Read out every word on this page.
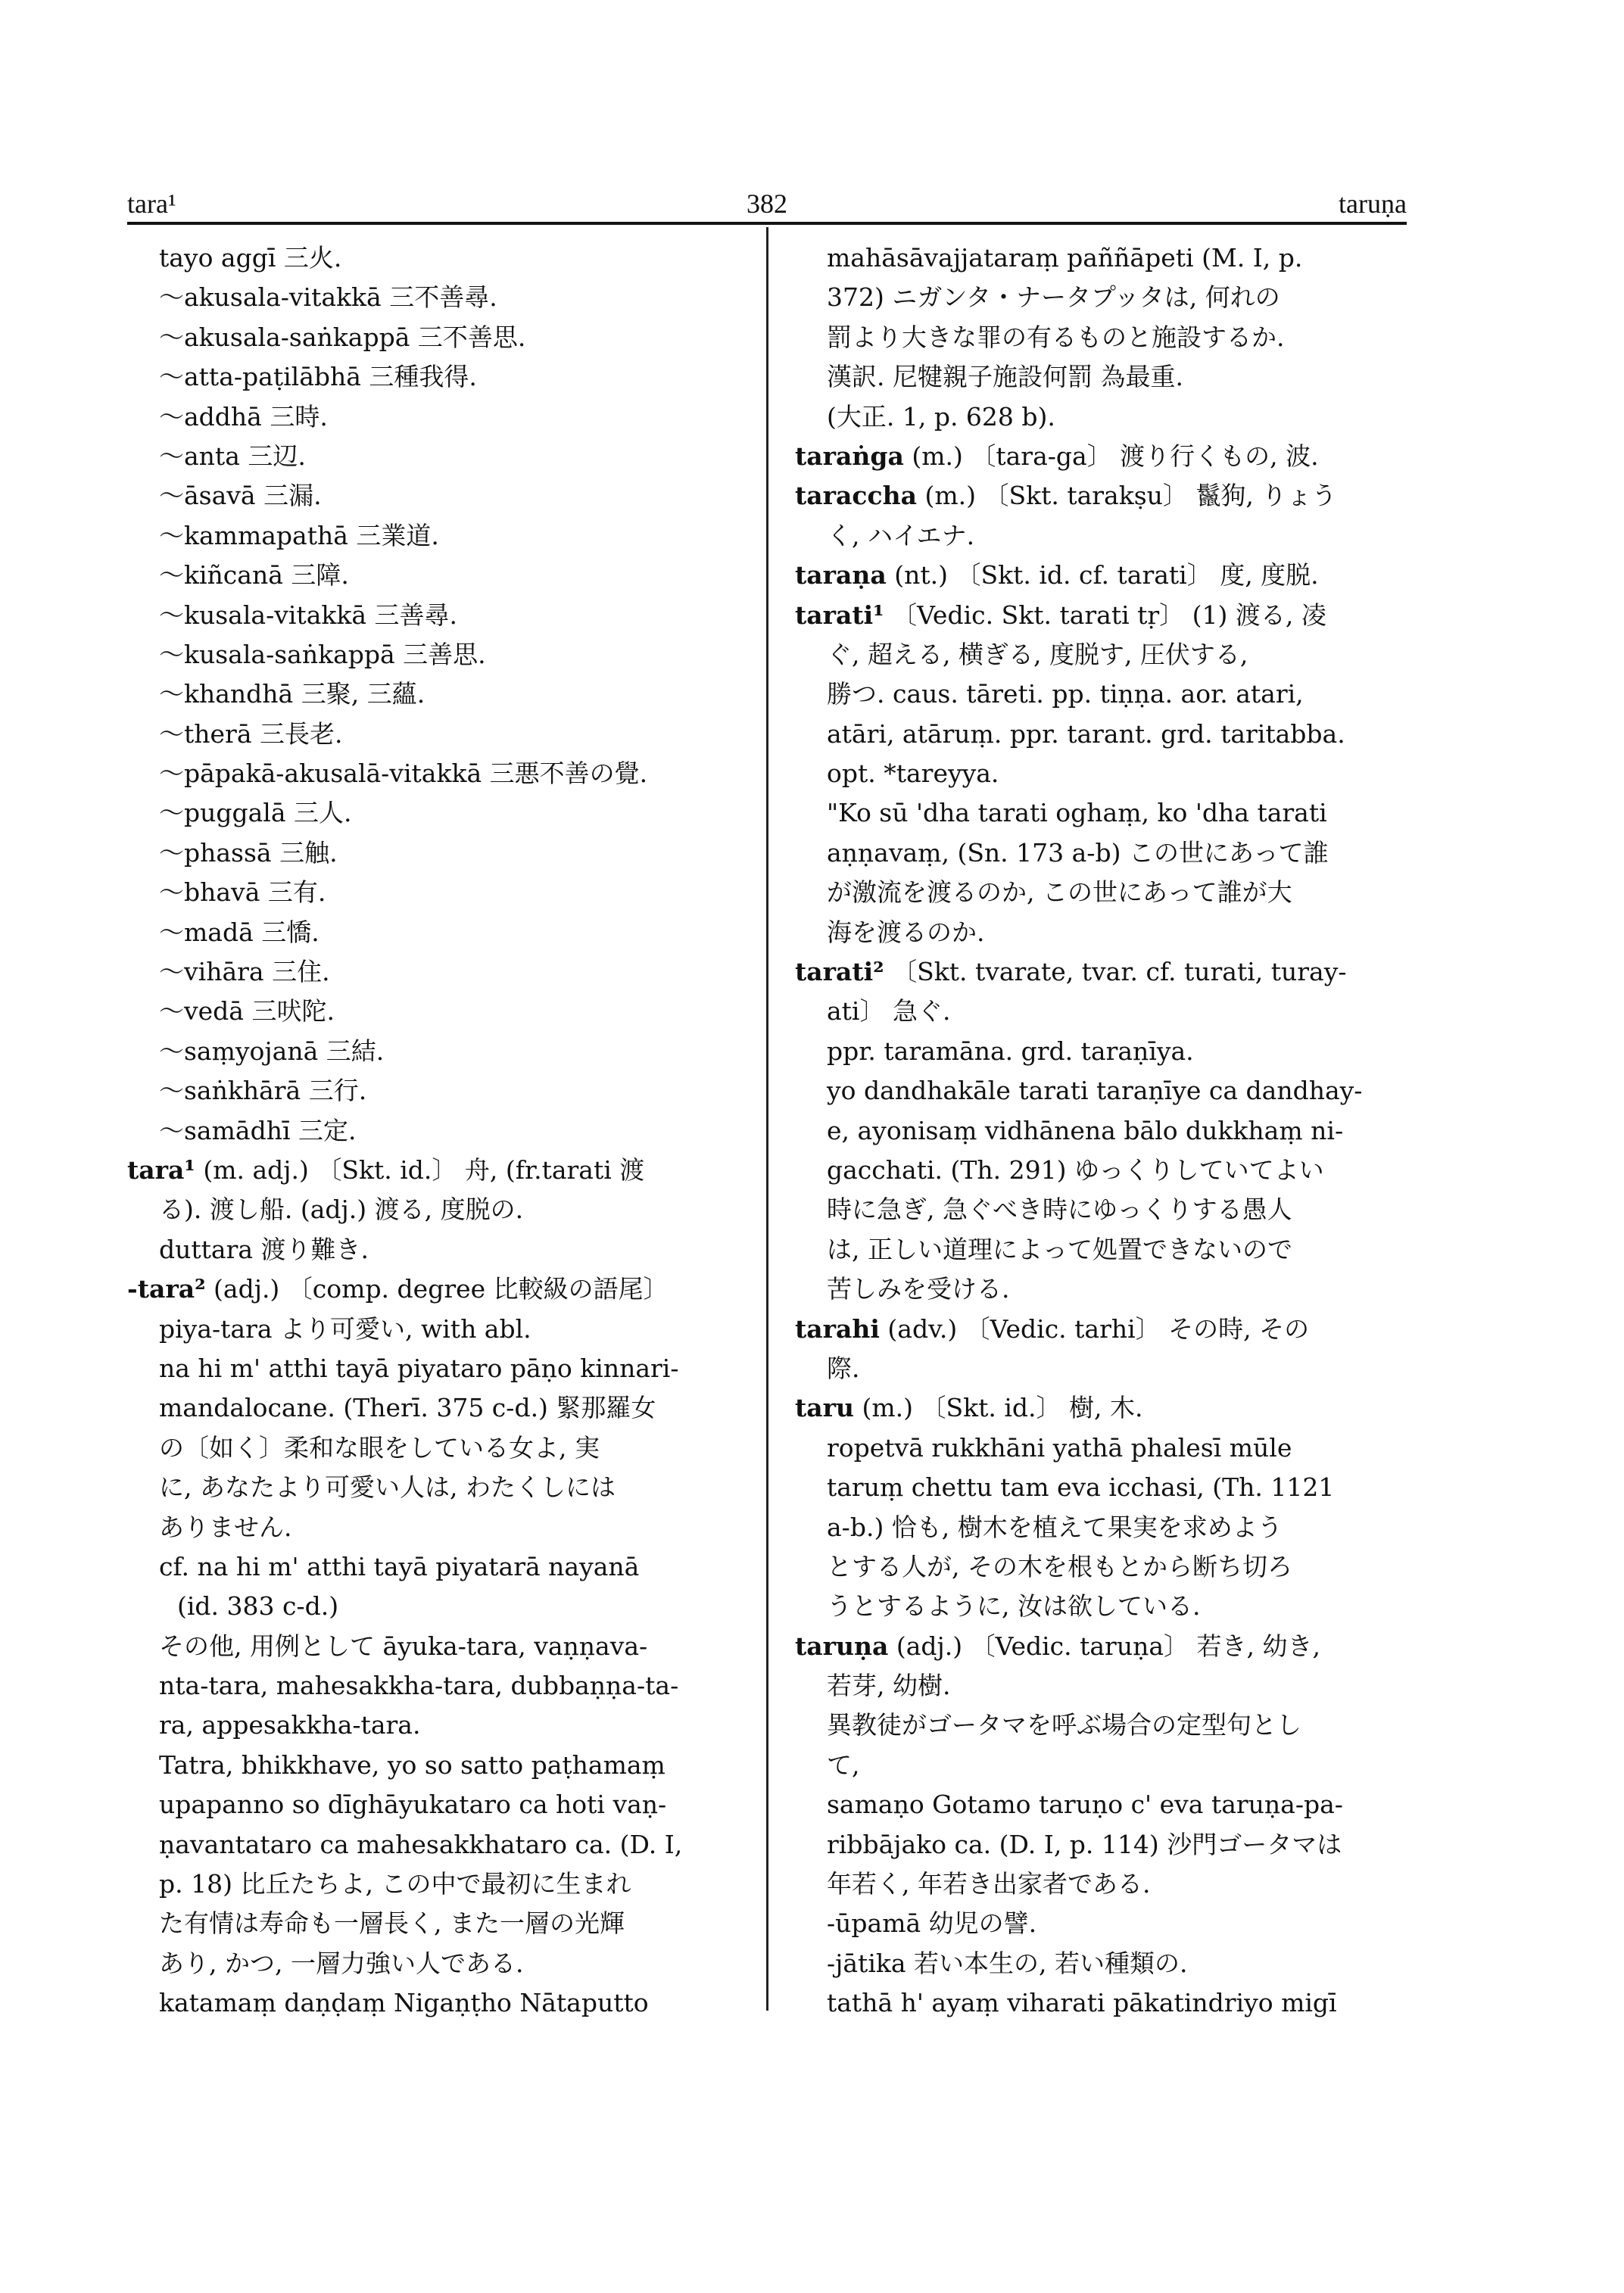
tara¹	382	taruṇa
tayo aggī 三火.
～akusala-vitakkā 三不善尋.
～akusala-saṅkappā 三不善思.
～atta-paṭilābhā 三種我得.
～addhā 三時.
～anta 三辺.
～āsavā 三漏.
～kammapathā 三業道.
～kiñcanā 三障.
～kusala-vitakkā 三善尋.
～kusala-saṅkappā 三善思.
～khandhā 三聚, 三蘊.
～therā 三長老.
～pāpakā-akusalā-vitakkā 三悪不善の覺.
～puggalā 三人.
～phassā 三触.
～bhavā 三有.
～madā 三憍.
～vihāra 三住.
～vedā 三吠陀.
～saṃyojanā 三結.
～saṅkhārā 三行.
～samādhī 三定.
tara¹ (m. adj.) 〔Skt. id.〕 舟, (fr.tarati 渡
る). 渡し船. (adj.) 渡る, 度脱の.
duttara 渡り難き.
-tara² (adj.) 〔comp. degree 比較級の語尾〕
piya-tara より可愛い, with abl.
na hi m' atthi tayā piyataro pāṇo kinnari-
mandalocane. (Therī. 375 c-d.) 緊那羅女
の〔如く〕柔和な眼をしている女よ, 実
に, あなたより可愛い人は, わたくしには
ありません.
cf. na hi m' atthi tayā piyatarā nayanā
(id. 383 c-d.)
その他, 用例として āyuka-tara, vaṇṇava-
nta-tara, mahesakkha-tara, dubbaṇṇa-ta-
ra, appesakkha-tara.
Tatra, bhikkhave, yo so satto paṭhamaṃ
upapanno so dīghāyukataro ca hoti vaṇ-
ṇavantataro ca mahesakkhataro ca. (D. I,
p. 18) 比丘たちよ, この中で最初に生まれ
た有情は寿命も一層長く, また一層の光輝
あり, かつ, 一層力強い人である.
katamaṃ daṇḍaṃ Nigaṇṭho Nātaputto
mahāsāvajjataraṃ paññāpeti (M. I, p.
372) ニガンタ・ナータプッタは, 何れの
罰より大きな罪の有るものと施設するか.
漢訳. 尼犍親子施設何罰 為最重.
(大正. 1, p. 628 b).
taraṅga (m.) 〔tara-ga〕 渡り行くもの, 波.
taraccha (m.) 〔Skt. tarakṣu〕 鬣狗, りょう
く, ハイエナ.
taraṇa (nt.) 〔Skt. id. cf. tarati〕 度, 度脱.
tarati¹ 〔Vedic. Skt. tarati tṛ〕 (1) 渡る, 凌
ぐ, 超える, 横ぎる, 度脱す, 圧伏する,
勝つ. caus. tāreti. pp. tiṇṇa. aor. atari,
atāri, atāruṃ. ppr. tarant. grd. taritabba.
opt. *tareyya.
"Ko sū 'dha tarati oghaṃ, ko 'dha tarati
aṇṇavaṃ, (Sn. 173 a-b) この世にあって誰
が激流を渡るのか, この世にあって誰が大
海を渡るのか.
tarati² 〔Skt. tvarate, tvar. cf. turati, turay-
ati〕 急ぐ.
ppr. taramāna. grd. taraṇīya.
yo dandhakāle tarati taraṇīye ca dandhay-
e, ayonisaṃ vidhānena bālo dukkhaṃ ni-
gacchati. (Th. 291) ゆっくりしていてよい
時に急ぎ, 急ぐべき時にゆっくりする愚人
は, 正しい道理によって処置できないので
苦しみを受ける.
tarahi (adv.) 〔Vedic. tarhi〕 その時, その
際.
taru (m.) 〔Skt. id.〕 樹, 木.
ropetvā rukkhāni yathā phalesī mūle
taruṃ chettu tam eva icchasi, (Th. 1121
a-b.) 恰も, 樹木を植えて果実を求めよう
とする人が, その木を根もとから断ち切ろ
うとするように, 汝は欲している.
taruṇa (adj.) 〔Vedic. taruṇa〕 若き, 幼き,
若芽, 幼樹.
異教徒がゴータマを呼ぶ場合の定型句とし
て,
samaṇo Gotamo taruṇo c' eva taruṇa-pa-
ribbājako ca. (D. I, p. 114) 沙門ゴータマは
年若く, 年若き出家者である.
-ūpamā 幼児の譬.
-jātika 若い本生の, 若い種類の.
tathā h' ayaṃ viharati pākatindriyo migī
